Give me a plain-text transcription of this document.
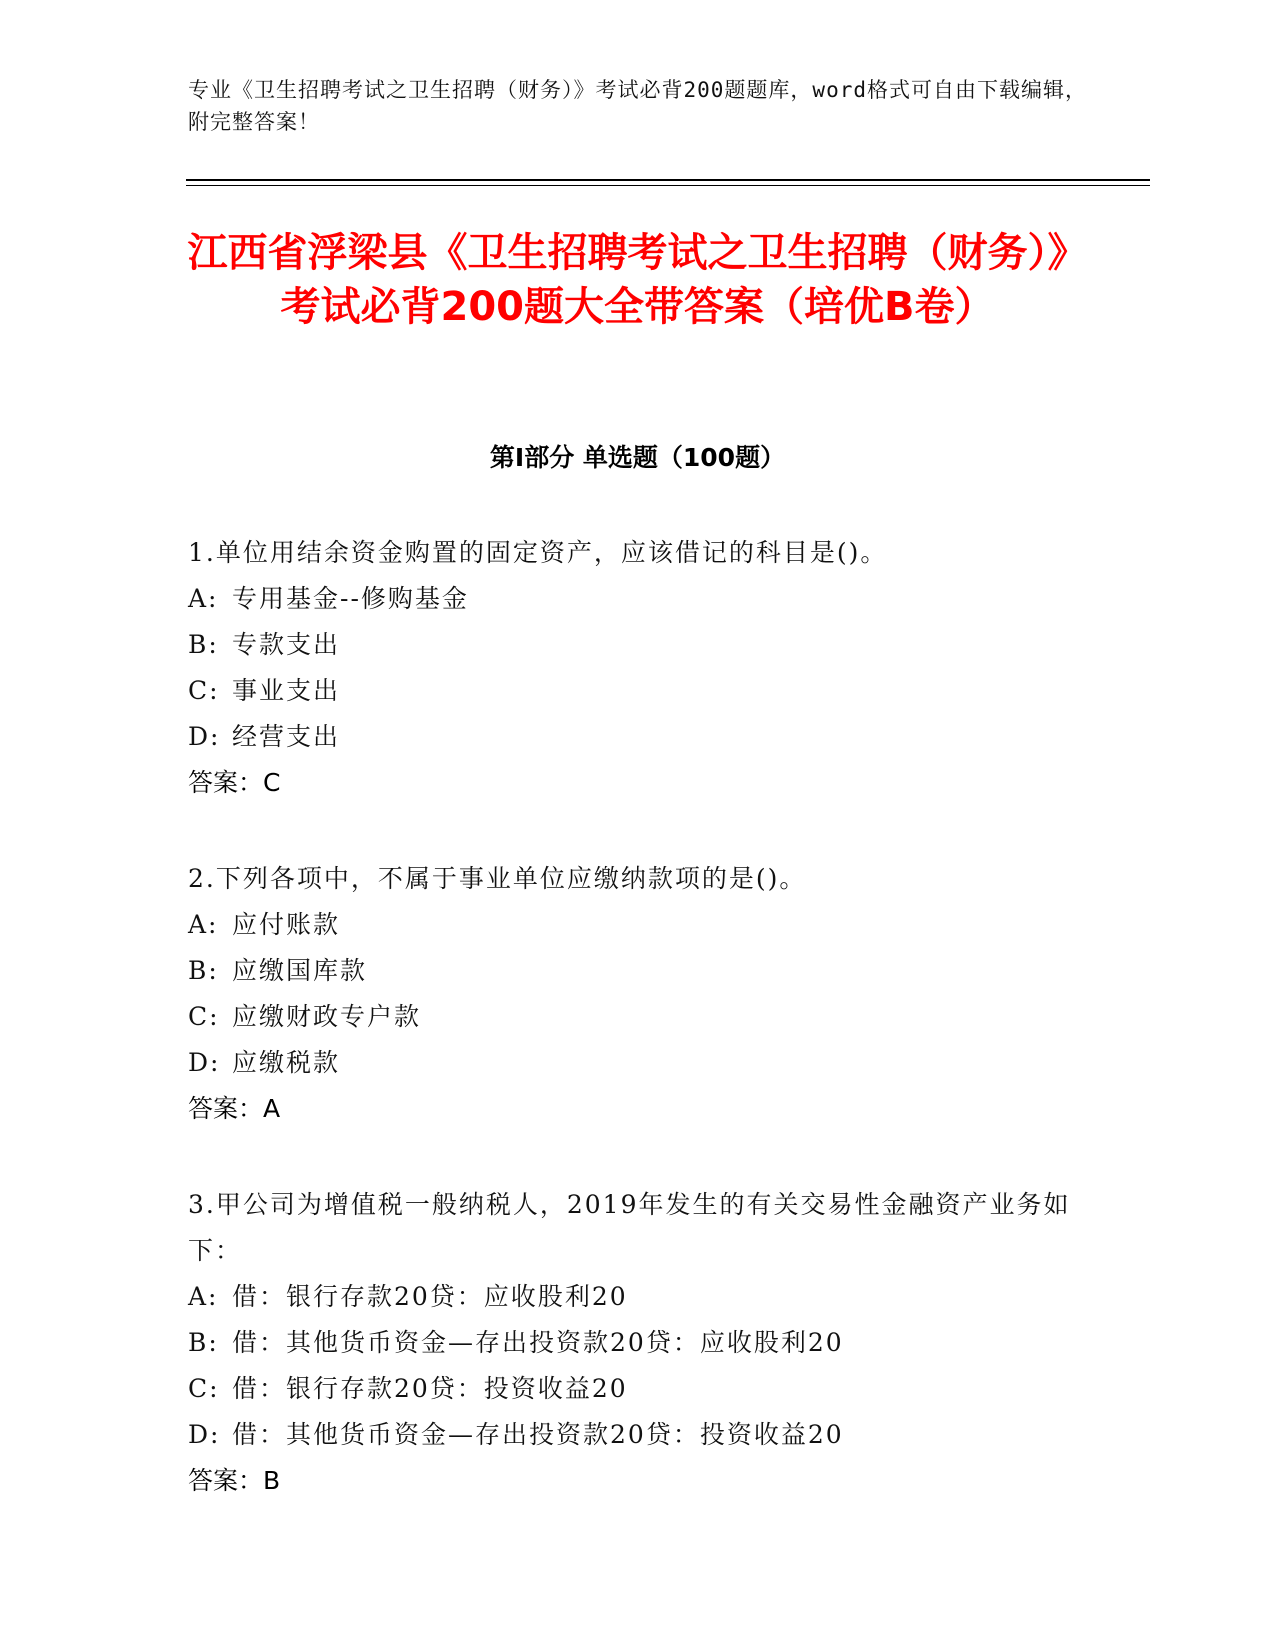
专业《卫生招聘考试之卫生招聘（财务）》考试必背200题题库，word格式可自由下载编辑，附完整答案！
江西省浮梁县《卫生招聘考试之卫生招聘（财务）》考试必背200题大全带答案（培优B卷）
第I部分 单选题（100题）
1.单位用结余资金购置的固定资产，应该借记的科目是()。
A: 专用基金--修购基金
B: 专款支出
C: 事业支出
D: 经营支出
答案：C
2.下列各项中，不属于事业单位应缴纳款项的是()。
A: 应付账款
B: 应缴国库款
C: 应缴财政专户款
D: 应缴税款
答案：A
3.甲公司为增值税一般纳税人，2019年发生的有关交易性金融资产业务如下：
A: 借：银行存款20贷：应收股利20
B: 借：其他货币资金—存出投资款20贷：应收股利20
C: 借：银行存款20贷：投资收益20
D: 借：其他货币资金—存出投资款20贷：投资收益20
答案：B
